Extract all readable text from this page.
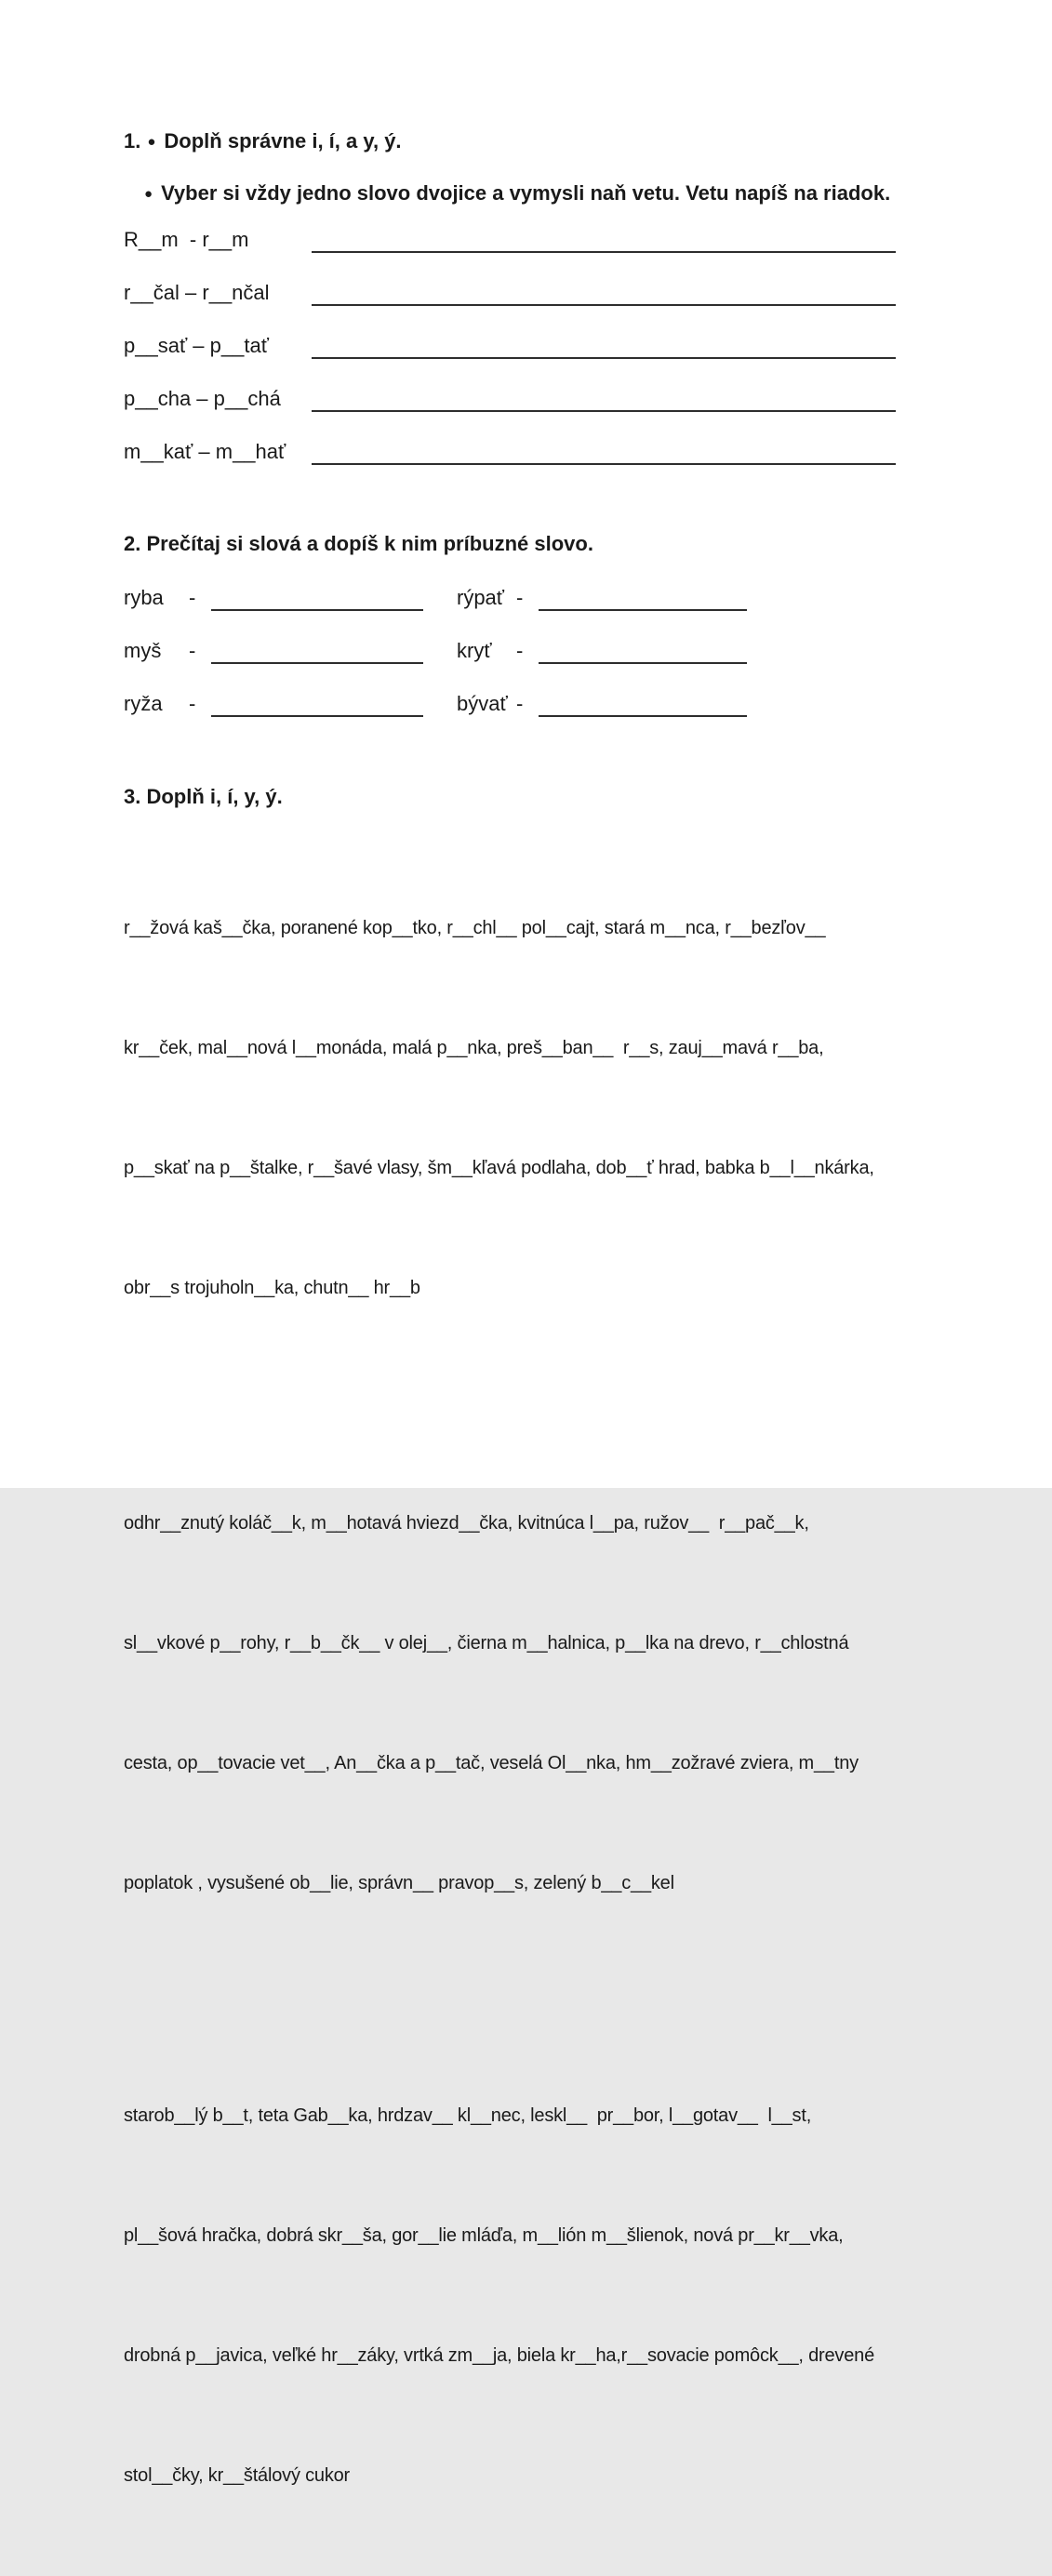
1. ● Doplň správne i, í, a y, ý.
● Vyber si vždy jedno slovo dvojice a vymysli naň vetu. Vetu napíš na riadok.
R__m  - r__m
r__čal – r__nčal
p__sať – p__tať
p__cha – p__chá
m__kať – m__hať
2. Prečítaj si slová a dopíš k nim príbuzné slovo.
ryba	-	rýpať -
myš	-	kryť	-
ryža	-	bývať -
3. Doplň i, í, y, ý.

r__žová kaš__čka, poranené kop__tko, r__chl__ pol__cajt, stará m__nca, r__bezľov__

kr__ček, mal__nová l__monáda, malá p__nka, preš__ban__  r__s, zauj__mavá r__ba,

p__skať na p__štalke, r__šavé vlasy, šm__kľavá podlaha, dob__ť hrad, babka b__l__nkárka,

obr__s trojuholn__ka, chutn__ hr__b

odhr__znutý koláč__k, m__hotavá hviezd__čka, kvitnúca l__pa, ružov__  r__pač__k,

sl__vkové p__rohy, r__b__čk__ v olej__, čierna m__halnica, p__lka na drevo, r__chlostná

cesta, op__tovacie vet__, An__čka a p__tač, veselá Ol__nka, hm__zožravé zviera, m__tny

poplatok , vysušené ob__lie, správn__ pravop__s, zelený b__c__kel

starob__lý b__t, teta Gab__ka, hrdzav__ kl__nec, leskl__  pr__bor, l__gotav__  l__st,

pl__šová hračka, dobrá skr__ša, gor__lie mláďa, m__lión m__šlienok, nová pr__kr__vka,

drobná p__javica, veľké hr__záky, vrtká zm__ja, biela kr__ha,r__sovacie pomôck__, drevené

stol__čky, kr__štálový cukor
